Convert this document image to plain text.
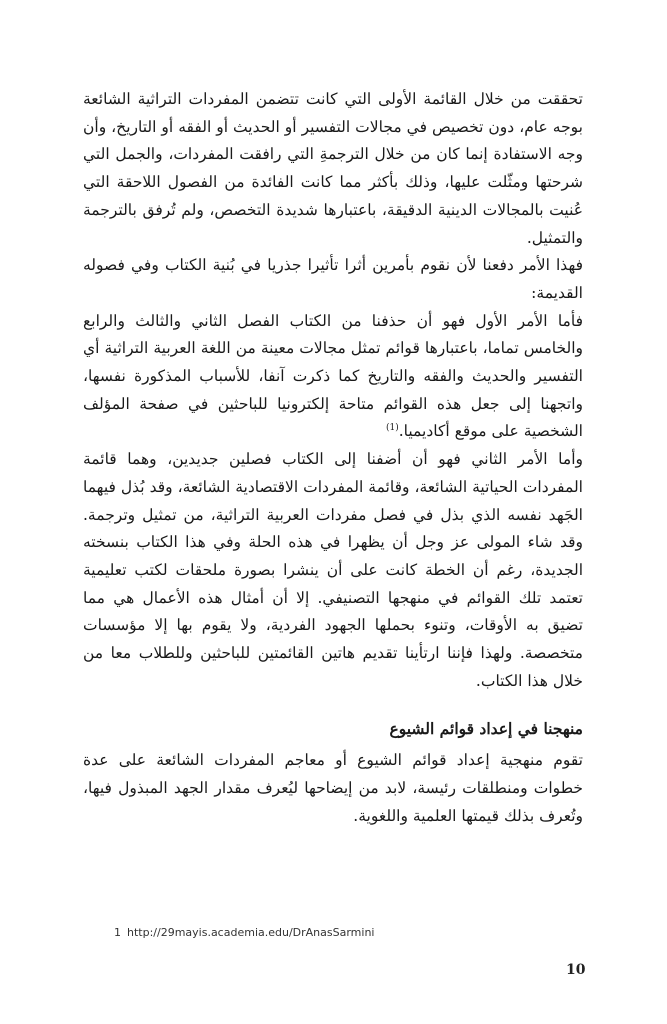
تحققت من خلال القائمة الأولى التي كانت تتضمن المفردات التراثية الشائعة بوجه عام، دون تخصيص في مجالات التفسير أو الحديث أو الفقه أو التاريخ، وأن وجه الاستفادة إنما كان من خلال الترجمةِ التي رافقت المفردات، والجمل التي شرحتها ومثّلت عليها، وذلك بأكثر مما كانت الفائدة من الفصول اللاحقة التي عُنيت بالمجالات الدينية الدقيقة، باعتبارها شديدة التخصص، ولم تُرفق بالترجمة والتمثيل.

فهذا الأمر دفعنا لأن نقوم بأمرين أثرا تأثيرا جذريا في بُنية الكتاب وفي فصوله القديمة:

فأما الأمر الأول فهو أن حذفنا من الكتاب الفصل الثاني والثالث والرابع والخامس تماما، باعتبارها قوائم تمثل مجالات معينة من اللغة العربية التراثية أي التفسير والحديث والفقه والتاريخ كما ذكرت آنفا، للأسباب المذكورة نفسها، واتجهنا إلى جعل هذه القوائم متاحة إلكترونيا للباحثين في صفحة المؤلف الشخصية على موقع أكاديميا.$^{(1)}$

وأما الأمر الثاني فهو أن أضفنا إلى الكتاب فصلين جديدين، وهما قائمة المفردات الحياتية الشائعة، وقائمة المفردات الاقتصادية الشائعة، وقد بُذل فيهما الجَهد نفسه الذي بذل في فصل مفردات العربية التراثية، من تمثيل وترجمة. وقد شاء المولى عز وجل أن يظهرا في هذه الحلة وفي هذا الكتاب بنسخته الجديدة، رغم أن الخطة كانت على أن ينشرا بصورة ملحقات لكتب تعليمية تعتمد تلك القوائم في منهجها التصنيفي. إلا أن أمثال هذه الأعمال هي مما تضيق به الأوقات، وتنوء بحملها الجهود الفردية، ولا يقوم بها إلا مؤسسات متخصصة. ولهذا فإننا ارتأينا تقديم هاتين القائمتين للباحثين وللطلاب معا من خلال هذا الكتاب.

منهجنا في إعداد قوائم الشيوع

تقوم منهجية إعداد قوائم الشيوع أو معاجم المفردات الشائعة على عدة خطوات ومنطلقات رئيسة، لابد من إيضاحها ليُعرف مقدار الجهد المبذول فيها، وتُعرف بذلك قيمتها العلمية واللغوية.

1 http://29mayis.academia.edu/DrAnasSarmini
10
